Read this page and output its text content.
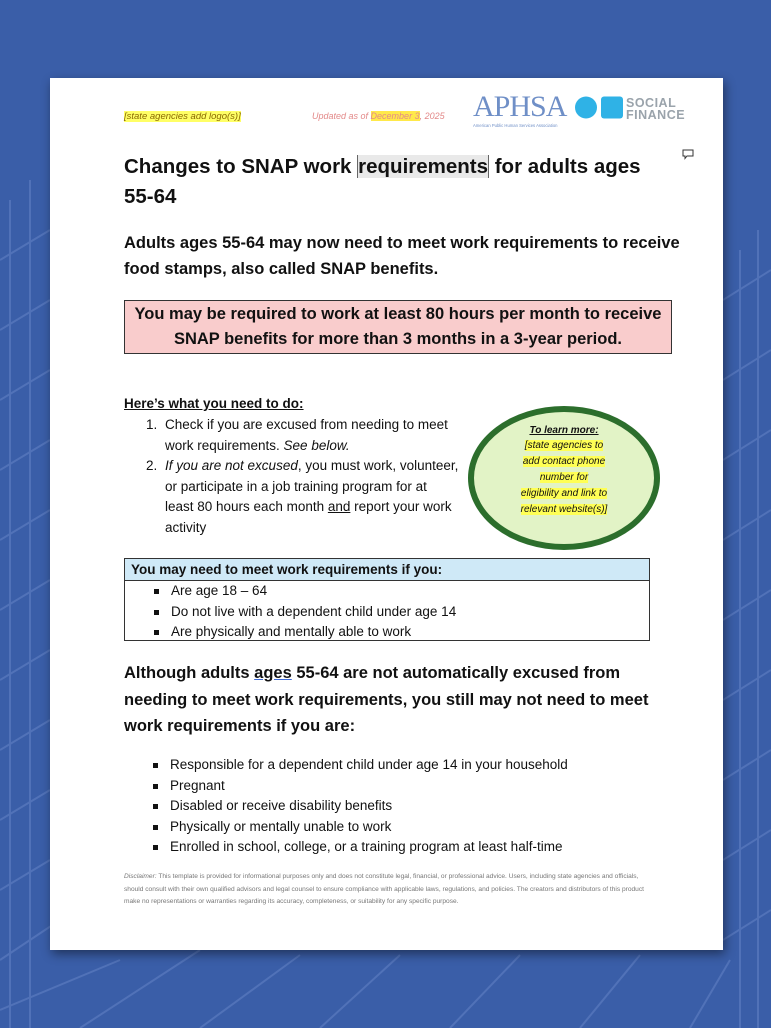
[state agencies add logo(s)]	Updated as of December 3, 2025 APHSA
American Public Human Services Association
SOCIAL
FINANCE
Changes to SNAP work requirements for adults ages 55-64

Adults ages 55-64 may now need to meet work requirements to receive food stamps, also called SNAP benefits.

You may be required to work at least 80 hours per month to receive SNAP benefits for more than 3 months in a 3-year period.
Here’s what you need to do:
1. Check if you are excused from needing to meet work requirements. See below.
2. If you are not excused, you must work, volunteer, or participate in a job training program for at least 80 hours each month and report your work activity
To learn more:
[state agencies to
add contact phone
number for
eligibility and link to
relevant website(s)]
You may need to meet work requirements if you:
Are age 18 – 64
Do not live with a dependent child under age 14
Are physically and mentally able to work
Although adults ages 55-64 are not automatically excused from needing to meet work requirements, you still may not need to meet work requirements if you are:
Responsible for a dependent child under age 14 in your household
Pregnant
Disabled or receive disability benefits
Physically or mentally unable to work
Enrolled in school, college, or a training program at least half-time

Disclaimer: This template is provided for informational purposes only and does not constitute legal, financial, or professional advice. Users, including state agencies and officials, should consult with their own qualified advisors and legal counsel to ensure compliance with applicable laws, regulations, and policies. The creators and distributors of this product make no representations or warranties regarding its accuracy, completeness, or suitability for any specific purpose.
